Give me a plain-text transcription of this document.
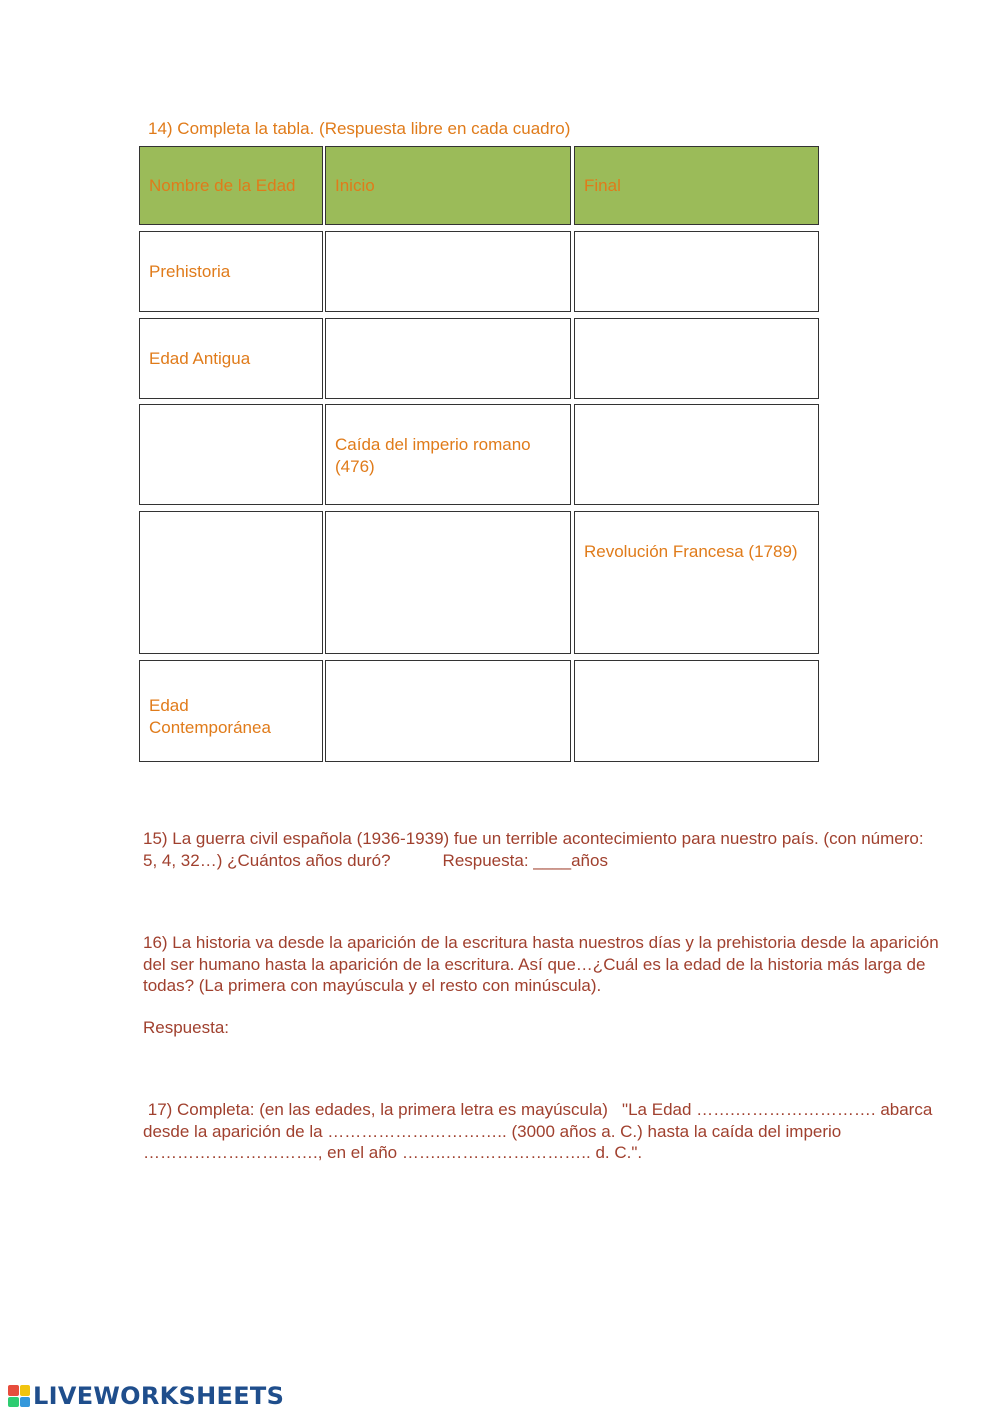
14) Completa la tabla. (Respuesta libre en cada cuadro)
Nombre de la Edad	Inicio	Final
Prehistoria
Edad Antigua
Caída del imperio romano (476)
Revolución Francesa (1789)
Edad Contemporánea
15) La guerra civil española (1936-1939) fue un terrible acontecimiento para nuestro país. (con número: 5, 4, 32…) ¿Cuántos años duró?           Respuesta: ____años
16) La historia va desde la aparición de la escritura hasta nuestros días y la prehistoria desde la aparición del ser humano hasta la aparición de la escritura. Así que…¿Cuál es la edad de la historia más larga de todas? (La primera con mayúscula y el resto con minúscula).
Respuesta:
17) Completa: (en las edades, la primera letra es mayúscula)   "La Edad …….……………………. abarca desde la aparición de la ………………………….. (3000 años a. C.) hasta la caída del imperio …………………………., en el año ……..…………………….. d. C.".
LIVEWORKSHEETS
